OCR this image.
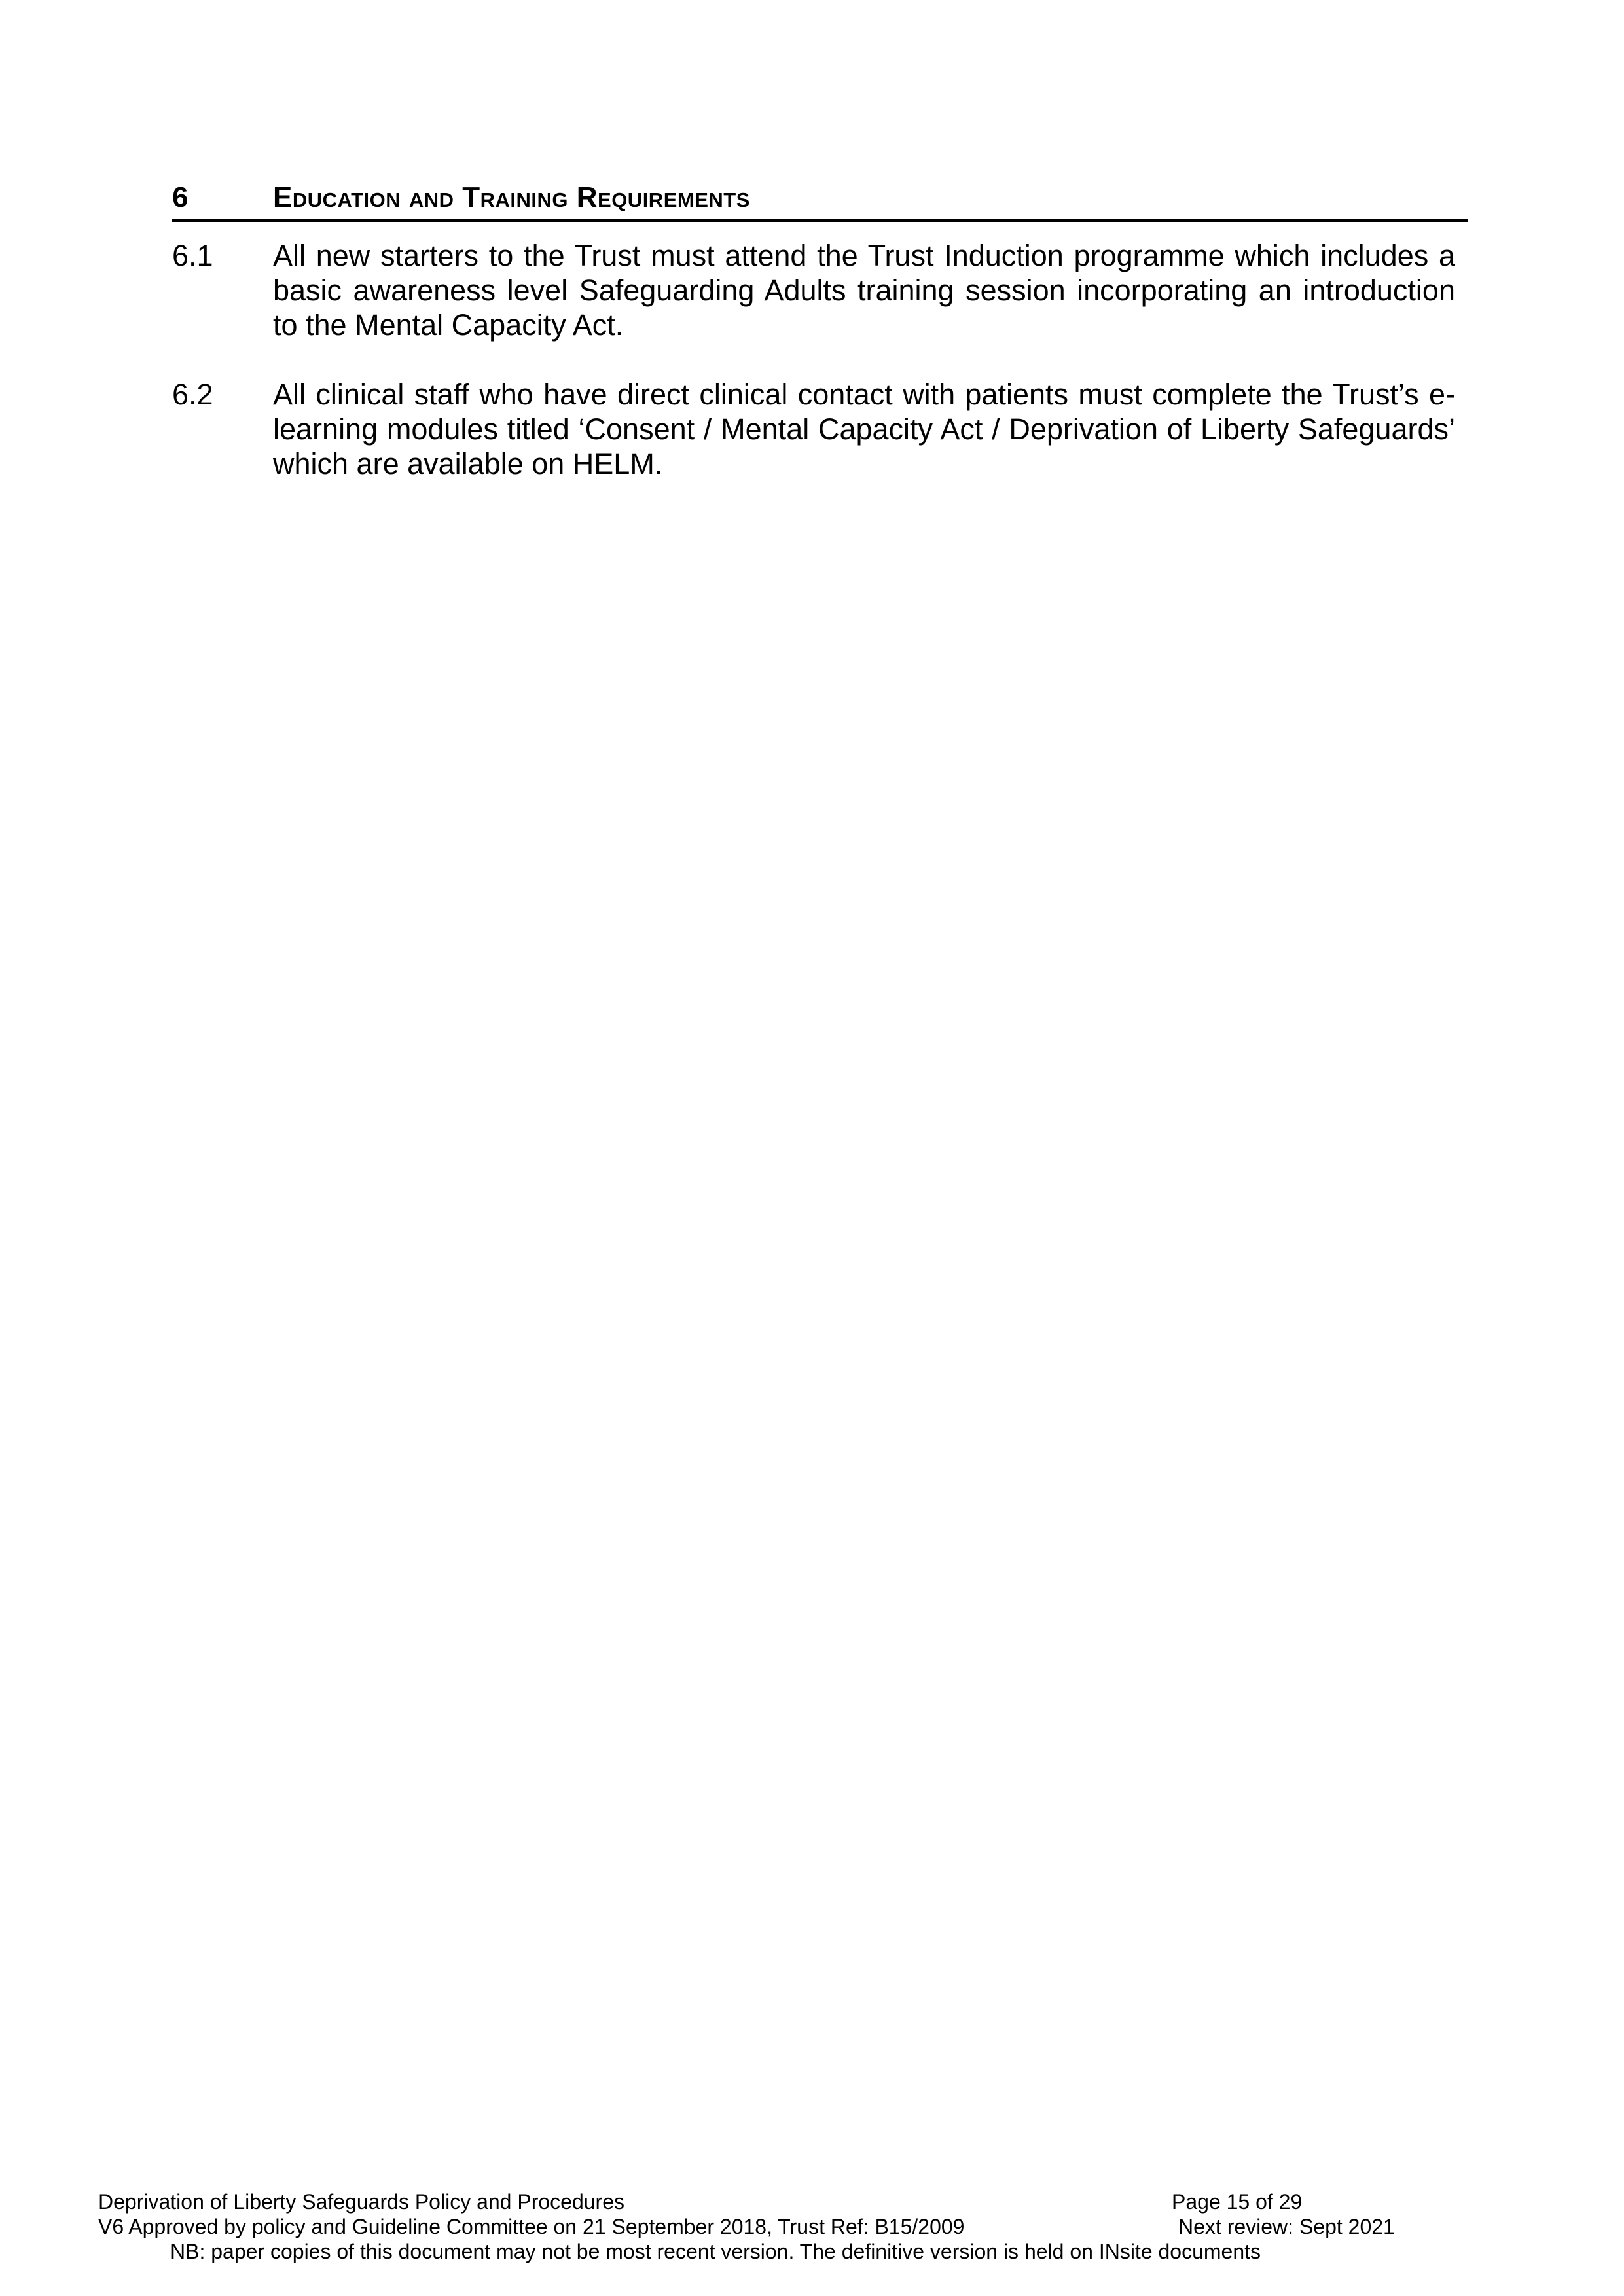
6	Education and Training Requirements
6.1 All new starters to the Trust must attend the Trust Induction programme which includes a basic awareness level Safeguarding Adults training session incorporating an introduction to the Mental Capacity Act.
6.2 All clinical staff who have direct clinical contact with patients must complete the Trust’s e-learning modules titled ‘Consent / Mental Capacity Act / Deprivation of Liberty Safeguards’ which are available on HELM.
Deprivation of Liberty Safeguards Policy and Procedures	Page 15 of 29
V6 Approved by policy and Guideline Committee on 21 September 2018, Trust Ref: B15/2009	Next review: Sept 2021
NB: paper copies of this document may not be most recent version. The definitive version is held on INsite documents
